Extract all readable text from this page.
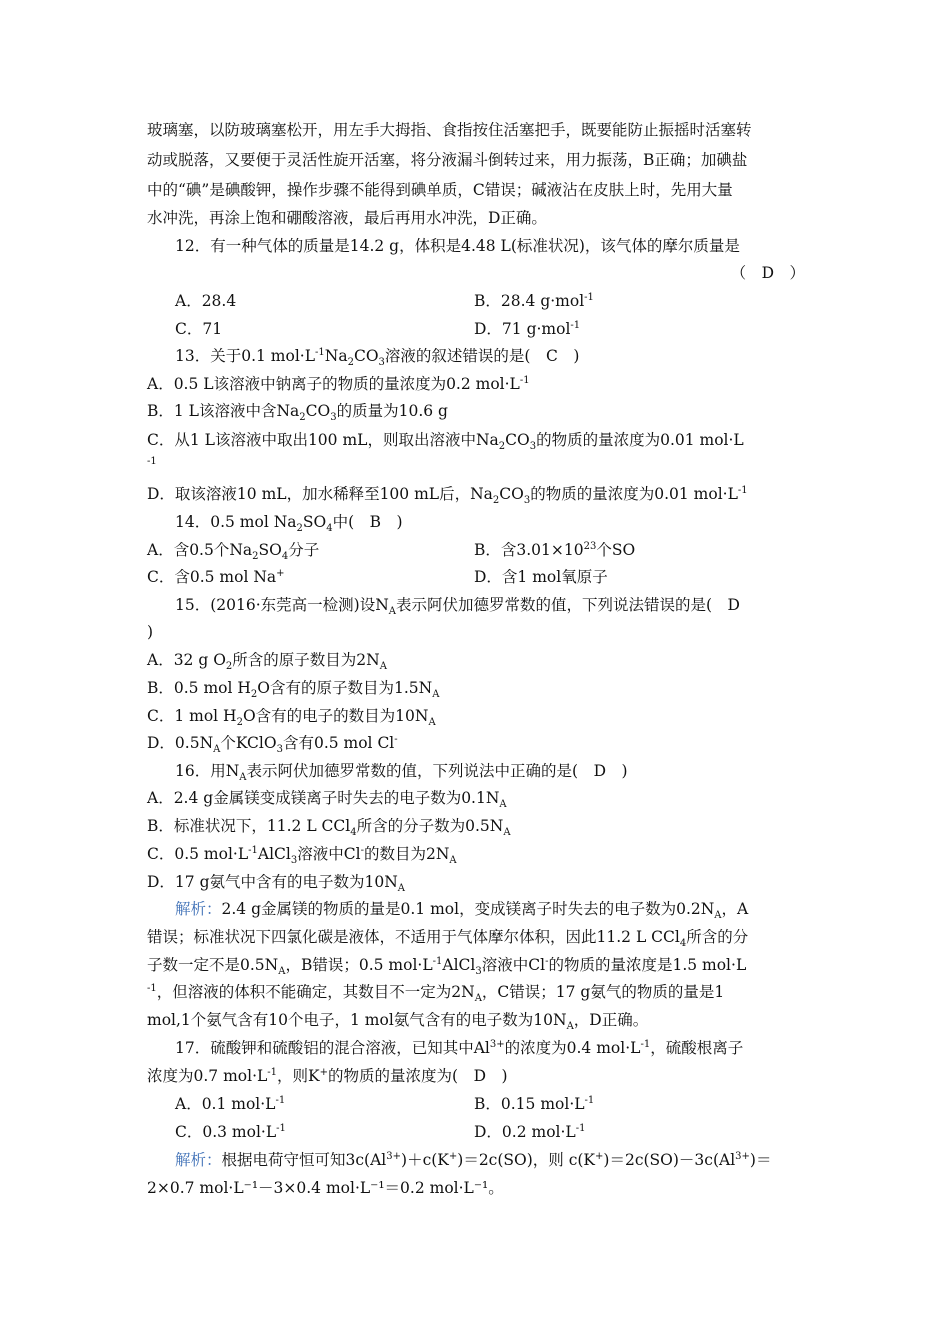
玻璃塞，以防玻璃塞松开，用左手大拇指、食指按住活塞把手，既要能防止振摇时活塞转
动或脱落，又要便于灵活性旋开活塞，将分液漏斗倒转过来，用力振荡，B正确；加碘盐
中的“碘”是碘酸钾，操作步骤不能得到碘单质，C错误；碱液沾在皮肤上时，先用大量
水冲洗，再涂上饱和硼酸溶液，最后再用水冲洗，D正确。
12．有一种气体的质量是14.2 g，体积是4.48 L(标准状况)，该气体的摩尔质量是
（　D　）
A．28.4	B．28.4 g·mol$^{-1}$
C．71	D．71 g·mol$^{-1}$
13．关于0.1 $mol\cdot L^{-1}Na_2CO_3$溶液的叙述错误的是(　C　)
A．0.5 L该溶液中钠离子的物质的量浓度为0.2 $mol\cdot L^{-1}$
B．1 L该溶液中含$Na_2CO_3$的质量为10.6 g
C．从1 L该溶液中取出100 mL，则取出溶液中$Na_2CO_3$的物质的量浓度为0.01 mol·L
-1
D．取该溶液10 mL，加水稀释至100 mL后，$Na_2CO_3$的物质的量浓度为0.01 $mol\cdot L^{-1}$
14．0.5 mol $Na_2SO_4$中(　B　)
A．含0.5个$Na_2SO_4$分子	B．含$3.01\times 10^{23}$个SO
C．含0.5 mol Na+	D．含1 mol氧原子
15．(2016·东莞高一检测)设$N_A$表示阿伏加德罗常数的值，下列说法错误的是(　D
)
A．32 g $O_2$所含的原子数目为$2N_A$
B．0.5 mol $H_2O$含有的原子数目为$1.5N_A$
C．1 mol $H_2O$含有的电子的数目为$10N_A$
D．$0.5N_A$个KClO$_3$含有0.5 mol Cl-
16．用$N_A$表示阿伏加德罗常数的值，下列说法中正确的是(　D　)
A．2.4 g金属镁变成镁离子时失去的电子数为$0.1N_A$
B．标准状况下，11.2 L CCl$_4$所含的分子数为$0.5N_A$
C．0.5 $mol\cdot L^{-1}AlCl_3$溶液中Cl-的数目为$2N_A$
D．17 g氨气中含有的电子数为$10N_A$
解析：2.4 g金属镁的物质的量是0.1 mol，变成镁离子时失去的电子数为$0.2N_A$，A
错误；标准状况下四氯化碳是液体，不适用于气体摩尔体积，因此11.2 L CCl$_4$所含的分
子数一定不是$0.5N_A$，B错误；0.5 $mol\cdot L^{-1}AlCl_3$溶液中Cl-的物质的量浓度是1.5 mol·L
$^{-1}$，但溶液的体积不能确定，其数目不一定为$2N_A$，C错误；17 g氨气的物质的量是1
mol,1个氨气含有10个电子，1 mol氨气含有的电子数为$10N_A$，D正确。
17．硫酸钾和硫酸铝的混合溶液，已知其中$Al^{3+}$的浓度为0.4 $mol\cdot L^{-1}$，硫酸根离子
浓度为0.7 $mol\cdot L^{-1}$，则K+的物质的量浓度为(　D　)
A．0.1 $mol\cdot L^{-1}$	B．0.15 $mol\cdot L^{-1}$
C．0.3 $mol\cdot L^{-1}$	D．0.2 $mol\cdot L^{-1}$
解析：根据电荷守恒可知$3c(Al^{3+})+c(K^+)=2c(SO)$，则 $c(K^+)=2c(SO)-3c(Al^{3+})=$
2×0.7 mol·L⁻¹－3×0.4 mol·L⁻¹＝0.2 mol·L⁻¹。
